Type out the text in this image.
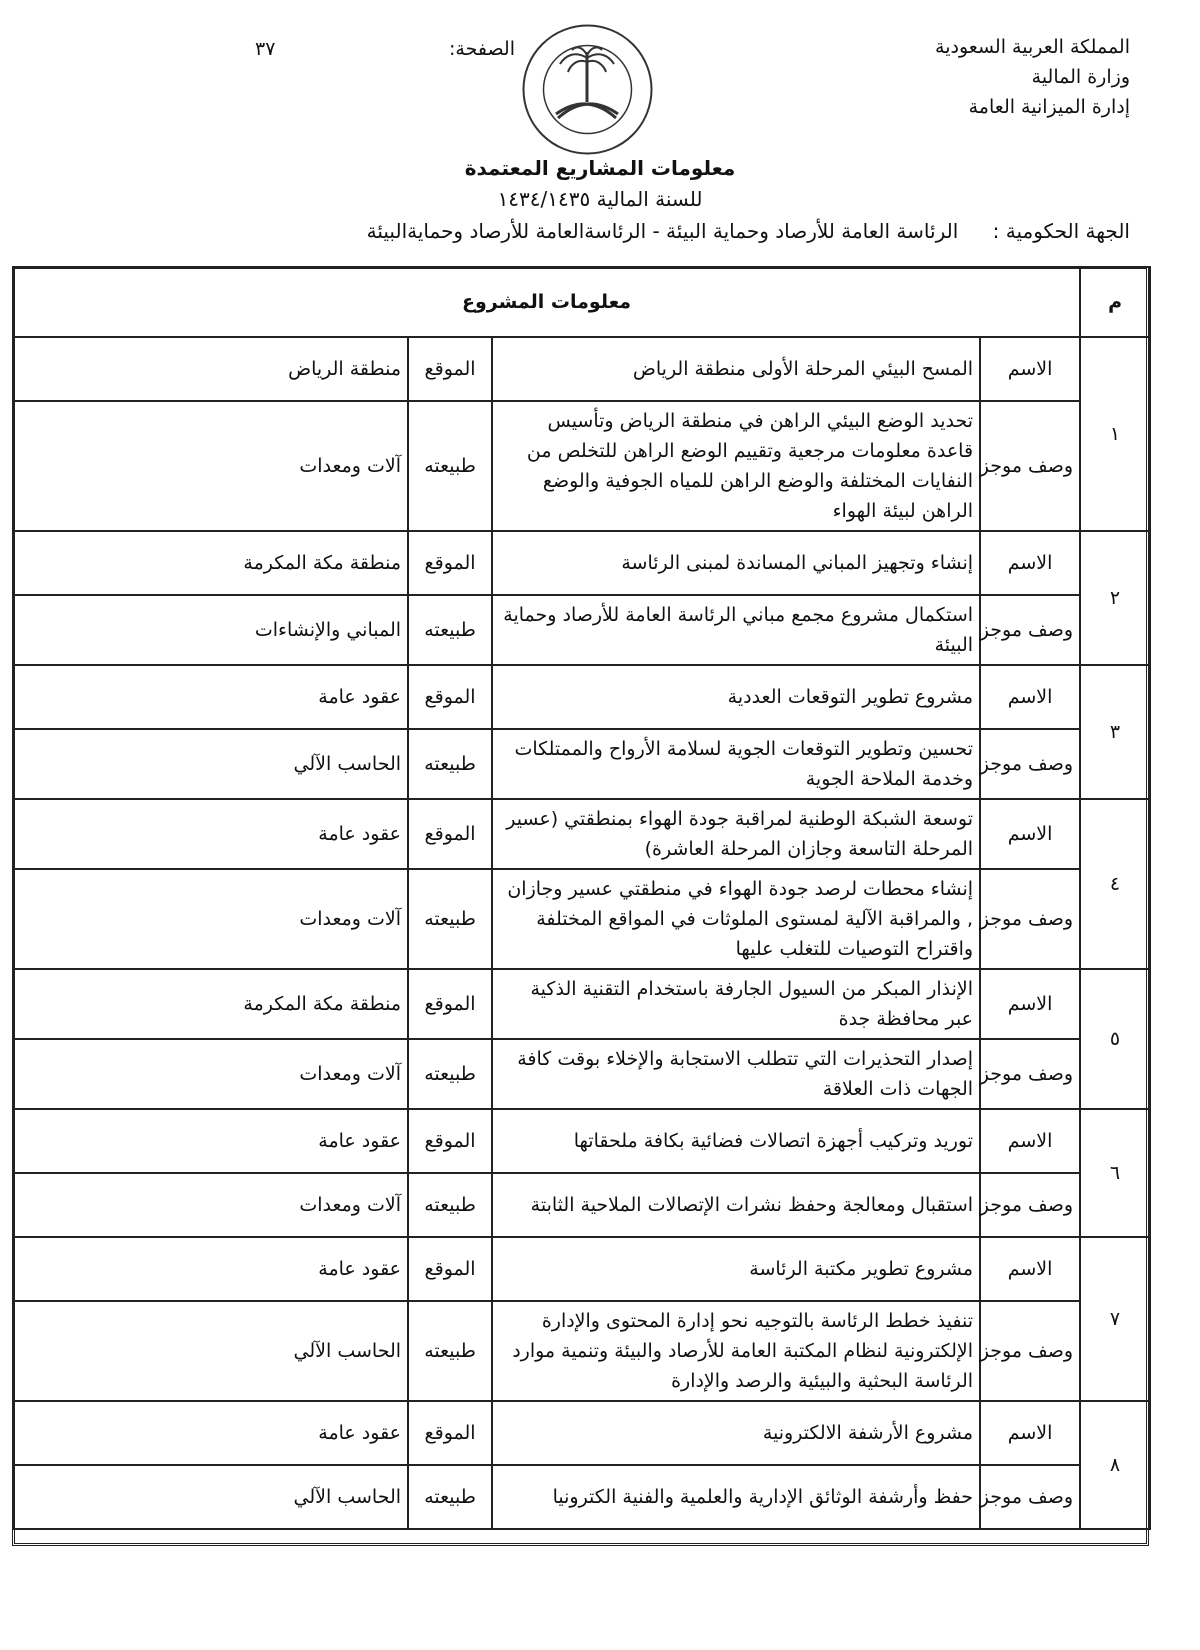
المملكة العربية السعودية
وزارة المالية
إدارة الميزانية العامة
الصفحة:
٣٧
معلومات المشاريع المعتمدة
للسنة المالية ١٤٣٤/١٤٣٥
الجهة الحكومية : الرئاسة العامة للأرصاد وحماية البيئة - الرئاسةالعامة للأرصاد وحمايةالبيئة
م	معلومات المشروع			
١	الاسم	المسح البيئي المرحلة الأولى منطقة الرياض	الموقع	منطقة الرياض
	وصف موجز	تحديد الوضع البيئي الراهن في منطقة الرياض وتأسيس قاعدة معلومات مرجعية وتقييم الوضع الراهن للتخلص من النفايات المختلفة والوضع الراهن للمياه الجوفية والوضع الراهن لبيئة الهواء	طبيعته	آلات ومعدات
٢	الاسم	إنشاء وتجهيز المباني المساندة لمبنى الرئاسة	الموقع	منطقة مكة المكرمة
	وصف موجز	استكمال مشروع مجمع مباني الرئاسة العامة للأرصاد وحماية البيئة	طبيعته	المباني والإنشاءات
٣	الاسم	مشروع تطوير التوقعات العددية	الموقع	عقود عامة
	وصف موجز	تحسين وتطوير التوقعات الجوية لسلامة الأرواح والممتلكات وخدمة الملاحة الجوية	طبيعته	الحاسب الآلي
٤	الاسم	توسعة الشبكة الوطنية لمراقبة جودة الهواء بمنطقتي (عسير المرحلة التاسعة وجازان المرحلة العاشرة)	الموقع	عقود عامة
	وصف موجز	إنشاء محطات لرصد جودة الهواء في منطقتي عسير وجازان , والمراقبة الآلية لمستوى الملوثات في المواقع المختلفة واقتراح التوصيات للتغلب عليها	طبيعته	آلات ومعدات
٥	الاسم	الإنذار المبكر من السيول الجارفة باستخدام التقنية الذكية عبر محافظة جدة	الموقع	منطقة مكة المكرمة
	وصف موجز	إصدار التحذيرات التي تتطلب الاستجابة والإخلاء بوقت كافة الجهات ذات العلاقة	طبيعته	آلات ومعدات
٦	الاسم	توريد وتركيب أجهزة اتصالات فضائية بكافة ملحقاتها	الموقع	عقود عامة
	وصف موجز	استقبال ومعالجة وحفظ نشرات الإتصالات الملاحية الثابتة	طبيعته	آلات ومعدات
٧	الاسم	مشروع تطوير مكتبة الرئاسة	الموقع	عقود عامة
	وصف موجز	تنفيذ خطط الرئاسة بالتوجيه نحو إدارة المحتوى والإدارة الإلكترونية لنظام المكتبة العامة للأرصاد والبيئة وتنمية موارد الرئاسة البحثية والبيئية والرصد والإدارة	طبيعته	الحاسب الآلي
٨	الاسم	مشروع الأرشفة الالكترونية	الموقع	عقود عامة
	وصف موجز	حفظ وأرشفة الوثائق الإدارية والعلمية والفنية الكترونيا	طبيعته	الحاسب الآلي
